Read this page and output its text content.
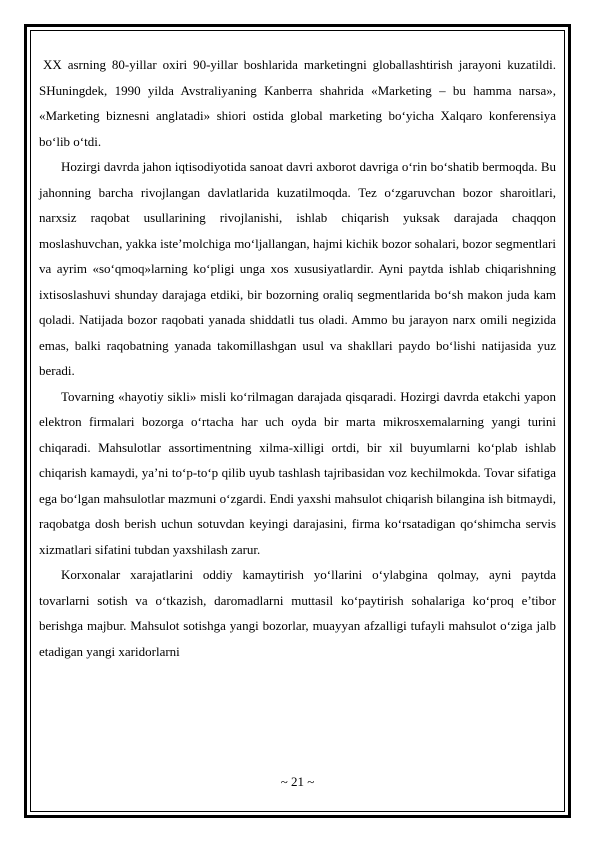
XX asrning 80-yillar oxiri 90-yillar boshlarida marketingni globallashtirish jarayoni kuzatildi. SHuningdek, 1990 yilda Avstraliyaning Kanberra shahrida «Marketing – bu hamma narsa», «Marketing biznesni anglatadi» shiori ostida global marketing bo‘yicha Xalqaro konferensiya bo‘lib o‘tdi.

Hozirgi davrda jahon iqtisodiyotida sanoat davri axborot davriga o‘rin bo‘shatib bermoqda. Bu jahonning barcha rivojlangan davlatlarida kuzatilmoqda. Tez o‘zgaruvchan bozor sharoitlari, narxsiz raqobat usullarining rivojlanishi, ishlab chiqarish yuksak darajada chaqqon moslashuvchan, yakka iste’molchiga mo‘ljallangan, hajmi kichik bozor sohalari, bozor segmentlari va ayrim «so‘qmoq»larning ko‘pligi unga xos xususiyatlardir. Ayni paytda ishlab chiqarishning ixtisoslashuvi shunday darajaga etdiki, bir bozorning oraliq segmentlarida bo‘sh makon juda kam qoladi. Natijada bozor raqobati yanada shiddatli tus oladi. Ammo bu jarayon narx omili negizida emas, balki raqobatning yanada takomillashgan usul va shakllari paydo bo‘lishi natijasida yuz beradi.

Tovarning «hayotiy sikli» misli ko‘rilmagan darajada qisqaradi. Hozirgi davrda etakchi yapon elektron firmalari bozorga o‘rtacha har uch oyda bir marta mikrosxemalarning yangi turini chiqaradi. Mahsulotlar assortimentning xilma-xilligi ortdi, bir xil buyumlarni ko‘plab ishlab chiqarish kamaydi, ya’ni to‘p-to‘p qilib uyub tashlash tajribasidan voz kechilmokda. Tovar sifatiga ega bo‘lgan mahsulotlar mazmuni o‘zgardi. Endi yaxshi mahsulot chiqarish bilangina ish bitmaydi, raqobatga dosh berish uchun sotuvdan keyingi darajasini, firma ko‘rsatadigan qo‘shimcha servis xizmatlari sifatini tubdan yaxshilash zarur.

Korxonalar xarajatlarini oddiy kamaytirish yo‘llarini o‘ylabgina qolmay, ayni paytda tovarlarni sotish va o‘tkazish, daromadlarni muttasil ko‘paytirish sohalariga ko‘proq e’tibor berishga majbur. Mahsulot sotishga yangi bozorlar, muayyan afzalligi tufayli mahsulot o‘ziga jalb etadigan yangi xaridorlarni

~ 21 ~
